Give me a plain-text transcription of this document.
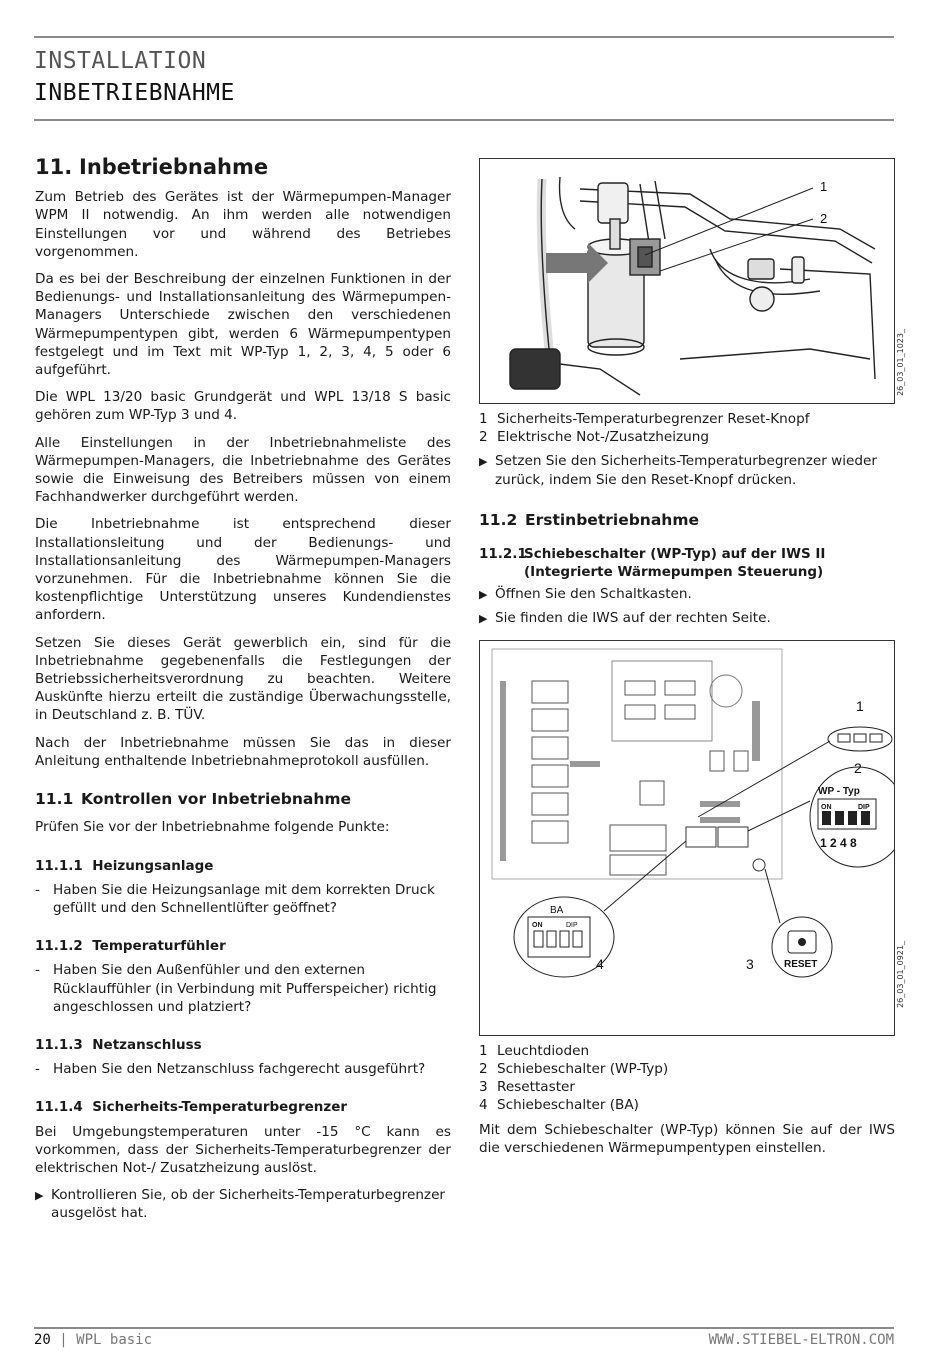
INSTALLATION
INBETRIEBNAHME
11. Inbetriebnahme

Zum Betrieb des Gerätes ist der Wärmepumpen-Manager WPM II notwendig. An ihm werden alle notwendigen Einstellungen vor und während des Betriebes vorgenommen.

Da es bei der Beschreibung der einzelnen Funktionen in der Bedienungs- und Installationsanleitung des Wärmepumpen-Managers Unterschiede zwischen den verschiedenen Wärmepumpentypen gibt, werden 6 Wärmepumpentypen festgelegt und im Text mit WP-Typ 1, 2, 3, 4, 5 oder 6 aufgeführt.

Die WPL 13/20 basic Grundgerät und WPL 13/18 S basic gehören zum WP-Typ 3 und 4.

Alle Einstellungen in der Inbetriebnahmeliste des Wärmepumpen-Managers, die Inbetriebnahme des Gerätes sowie die Einweisung des Betreibers müssen von einem Fachhandwerker durchgeführt werden.

Die Inbetriebnahme ist entsprechend dieser Installationsleitung und der Bedienungs- und Installationsanleitung des Wärmepumpen-Managers vorzunehmen. Für die Inbetriebnahme können Sie die kostenpflichtige Unterstützung unseres Kundendienstes anfordern.

Setzen Sie dieses Gerät gewerblich ein, sind für die Inbetriebnahme gegebenenfalls die Festlegungen der Betriebssicherheitsverordnung zu beachten. Weitere Auskünfte hierzu erteilt die zuständige Überwachungsstelle, in Deutschland z. B. TÜV.

Nach der Inbetriebnahme müssen Sie das in dieser Anleitung enthaltende Inbetriebnahmeprotokoll ausfüllen.

11.1 Kontrollen vor Inbetriebnahme

Prüfen Sie vor der Inbetriebnahme folgende Punkte:

11.1.1 Heizungsanlage
- Haben Sie die Heizungsanlage mit dem korrekten Druck gefüllt und den Schnellentlüfter geöffnet?
11.1.2 Temperaturfühler
- Haben Sie den Außenfühler und den externen Rücklauffühler (in Verbindung mit Pufferspeicher) richtig angeschlossen und platziert?
11.1.3 Netzanschluss
- Haben Sie den Netzanschluss fachgerecht ausgeführt?
11.1.4 Sicherheits-Temperaturbegrenzer

Bei Umgebungstemperaturen unter -15 °C kann es vorkommen, dass der Sicherheits-Temperaturbegrenzer der elektrischen Not-/ Zusatzheizung auslöst.

▶ Kontrollieren Sie, ob der Sicherheits-Temperaturbegrenzer ausgelöst hat.
1
2
26_03_01_1023_
1 Sicherheits-Temperaturbegrenzer Reset-Knopf
2 Elektrische Not-/Zusatzheizung
▶ Setzen Sie den Sicherheits-Temperaturbegrenzer wieder zurück, indem Sie den Reset-Knopf drücken.
11.2 Erstinbetriebnahme
11.2.1Schiebeschalter (WP-Typ) auf der IWS II
(Integrierte Wärmepumpen Steuerung)
▶ Öffnen Sie den Schaltkasten.
▶ Sie finden die IWS auf der rechten Seite.
WP - Typ
ON	DIP
1 2 4 8
BA
ON	DIP
RESET
1
2
3
4	26_03_01_0921_
1 Leuchtdioden
2 Schiebeschalter (WP-Typ)
3 Resettaster
4 Schiebeschalter (BA)

Mit dem Schiebeschalter (WP-Typ) können Sie auf der IWS die verschiedenen Wärmepumpentypen einstellen.

20 | WPL basic	WWW.STIEBEL-ELTRON.COM
